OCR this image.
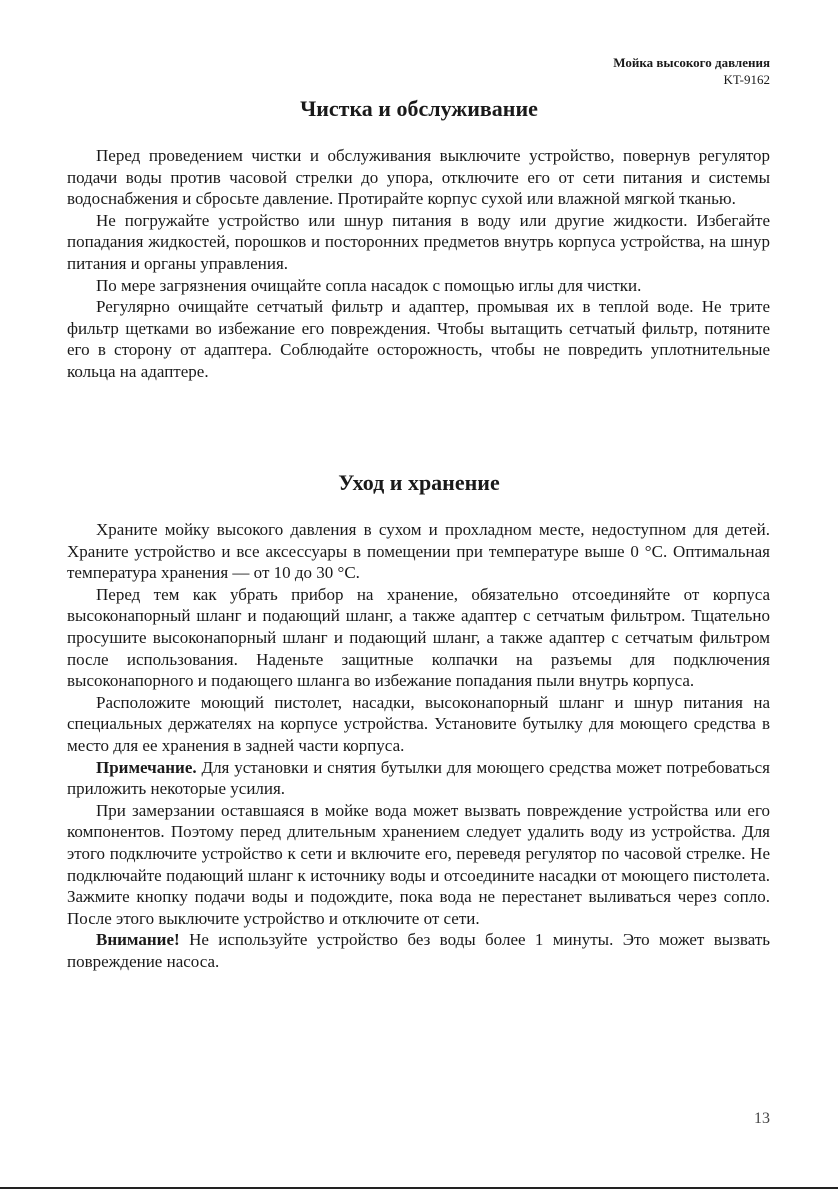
Мойка высокого давления
KT-9162
Чистка и обслуживание

Перед проведением чистки и обслуживания выключите устройство, повернув регулятор подачи воды против часовой стрелки до упора, отключите его от сети питания и системы водоснабжения и сбросьте давление. Протирайте корпус сухой или влажной мягкой тканью.

Не погружайте устройство или шнур питания в воду или другие жидкости. Избегайте попадания жидкостей, порошков и посторонних предметов внутрь корпуса устройства, на шнур питания и органы управления.

По мере загрязнения очищайте сопла насадок с помощью иглы для чистки.

Регулярно очищайте сетчатый фильтр и адаптер, промывая их в теплой воде. Не трите фильтр щетками во избежание его повреждения. Чтобы вытащить сетчатый фильтр, потяните его в сторону от адаптера. Соблюдайте осторожность, чтобы не повредить уплотнительные кольца на адаптере.

Уход и хранение

Храните мойку высокого давления в сухом и прохладном месте, недоступном для детей. Храните устройство и все аксессуары в помещении при температуре выше 0 °C. Оптимальная температура хранения — от 10 до 30 °C.

Перед тем как убрать прибор на хранение, обязательно отсоединяйте от корпуса высоконапорный шланг и подающий шланг, а также адаптер с сетчатым фильтром. Тщательно просушите высоконапорный шланг и подающий шланг, а также адаптер с сетчатым фильтром после использования. Наденьте защитные колпачки на разъемы для подключения высоконапорного и подающего шланга во избежание попадания пыли внутрь корпуса.

Расположите моющий пистолет, насадки, высоконапорный шланг и шнур питания на специальных держателях на корпусе устройства. Установите бутылку для моющего средства в место для ее хранения в задней части корпуса.

Примечание. Для установки и снятия бутылки для моющего средства может потребоваться приложить некоторые усилия.

При замерзании оставшаяся в мойке вода может вызвать повреждение устройства или его компонентов. Поэтому перед длительным хранением следует удалить воду из устройства. Для этого подключите устройство к сети и включите его, переведя регулятор по часовой стрелке. Не подключайте подающий шланг к источнику воды и отсоедините насадки от моющего пистолета. Зажмите кнопку подачи воды и подождите, пока вода не перестанет выливаться через сопло. После этого выключите устройство и отключите от сети.

Внимание! Не используйте устройство без воды более 1 минуты. Это может вызвать повреждение насоса.

13
